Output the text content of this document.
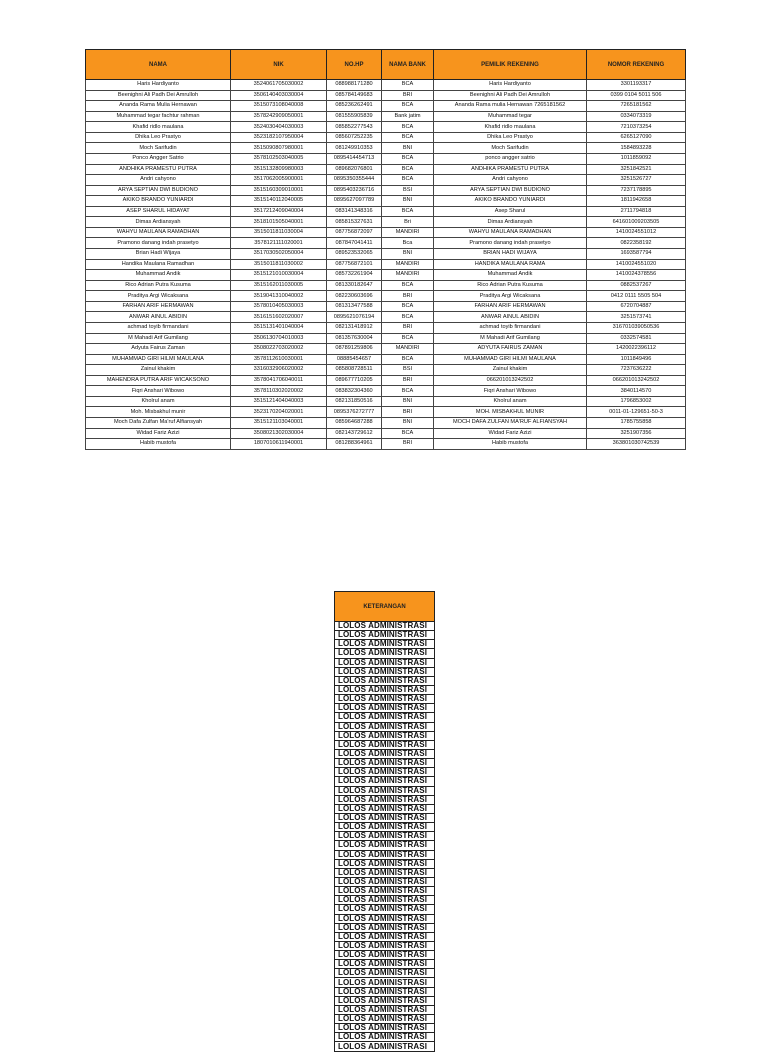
NAMA	NIK	NO.HP	NAMA BANK	PEMILIK REKENING	NOMOR REKENING
Haris Hardiyanto	3524061705030002	088988171280	BCA	Haris Hardiyanto	3301193317
Beenighni Ali Padh Dei Amrulloh	3506140403030004	085784149683	BRI	Beenighni Ali Padh Dei Amrulloh	0399 0104 5011 506
Ananda Rama Mulia Hernawan	3515073108040008	085236262491	BCA	Ananda Rama mulia Hernawan 7265181562	7265181562
Muhammad tegar fachtur rahman	3578242909050001	081555905839	Bank jatim	Muhammad tegar	0334073319
Khafid ridlo maulana	3524030404030003	085852277543	BCA	Khafid ridlo maulana	7210373254
Dhika Leo Prastyo	3523182107950004	085607252235	BCA	Dhika Leo Prastyo	6265127090
Moch Sarifudin	3515090807980001	081249910353	BNI	Moch Sarifudin	1584893228
Ponco Angger Satrio	3578102503040005	0895414454713	BCA	ponco angger satrio	1011859092
ANDHIKA PRAMESTU PUTRA	3515132809980003	089682076801	BCA	ANDHIKA PRAMESTU PUTRA	3251842521
Andri cahyono	3517062005900001	0895350355444	BCA	Andri cahyono	3251526727
ARYA SEPTIAN DWI BUDIONO	3515160309010001	0895403236716	BSI	ARYA SEPTIAN DWI BUDIONO	7237178895
AKIKO BRANDO YUNIARDI	3515140112040005	0895627097789	BNI	AKIKO BRANDO YUNIARDI	1811942658
ASEP SHARUL HIDAYAT	3517212409040004	083141348316	BCA	Asep Sharul	2711794818
Dimas Ardiansyah	3518101505040001	085815327631	Bri	Dimas Ardiansyah	641601009203505
WAHYU MAULANA RAMADHAN	3515011811030004	087756872097	MANDIRI	WAHYU MAULANA RAMADHAN	1410024551012
Pramono danang indah prasetyo	3578121111020001	087847041411	Bca	Pramono danang indah prasetyo	0822358192
Brian Hadi Wijaya	3517030502050004	089523532065	BNI	BRIAN HADI WIJAYA	1693587794
Handika Maulana Ramadhan	3515011811030002	087756872101	MANDIRI	HANDIKA MAULANA RAMA	1410024551020
Muhammad Andik	3515121010030004	085732261904	MANDIRI	Muhammad Andik	1410024378556
Rico Adrian Putra Kusuma	3515162011030005	081330182647	BCA	Rico Adrian Putra Kusuma	0882537267
Praditya Argi Wicaksana	3519041310040002	082230603696	BRI	Praditya Argi Wicaksana	0412 0111 5505 504
FARHAN ARIF HERMAWAN	3578010405030003	081313477588	BCA	FARHAN ARIF HERMAWAN	6720704887
ANWAR AINUL ABIDIN	3516151602020007	0895621076194	BCA	ANWAR AINUL ABIDIN	3251573741
achmad toyib firmandani	3515131401040004	082131418912	BRI	achmad toyib firmandani	316701039050536
M Mahadi Arif Gumilang	3506130704010003	081357630004	BCA	M Mahadi Arif Gumilang	0332574581
Adyuta Fairus Zaman	3508022703020002	087891259806	MANDIRI	ADYUTA FAIRUS ZAMAN	1420022396112
MUHAMMAD GIRI HILMI MAULANA	3578112610030001	08885454657	BCA	MUHAMMAD GIRI HILMI MAULANA	1011849496
Zainul khakim	3316032906020002	085808728511	BSI	Zainul khakim	7237636222
MAHENDRA PUTRA ARIF WICAKSONO	3578041706040011	089677710205	BRI	066201013242502	066201013242502
Fiqri Anshari Wibowo	3578110302020002	083832304360	BCA	Fiqri Anshari Wibowo	3840114570
Kholrul anam	3515121404040003	082131850516	BNI	Kholrul anam	1796853002
Moh. Misbakhul munir	3523170204020001	0895376272777	BRI	MOH. MISBAKHUL MUNIR	0011-01-129651-50-3
Moch Dafa Zulfan Ma'ruf Alfiansyah	3515121103040001	085964687288	BNI	MOCH DAFA ZULFAN MA'RUF ALFIANSYAH	1785755858
Widad Fariz Azizi	3508021302030004	082143729612	BCA	Widad Fariz Azizi	3251907356
Habib mustofa	1807010611940001	081288364961	BRI	Habib mustofa	363801030742539
KETERANGAN
LOLOS ADMINISTRASI
LOLOS ADMINISTRASI
LOLOS ADMINISTRASI
LOLOS ADMINISTRASI
LOLOS ADMINISTRASI
LOLOS ADMINISTRASI
LOLOS ADMINISTRASI
LOLOS ADMINISTRASI
LOLOS ADMINISTRASI
LOLOS ADMINISTRASI
LOLOS ADMINISTRASI
LOLOS ADMINISTRASI
LOLOS ADMINISTRASI
LOLOS ADMINISTRASI
LOLOS ADMINISTRASI
LOLOS ADMINISTRASI
LOLOS ADMINISTRASI
LOLOS ADMINISTRASI
LOLOS ADMINISTRASI
LOLOS ADMINISTRASI
LOLOS ADMINISTRASI
LOLOS ADMINISTRASI
LOLOS ADMINISTRASI
LOLOS ADMINISTRASI
LOLOS ADMINISTRASI
LOLOS ADMINISTRASI
LOLOS ADMINISTRASI
LOLOS ADMINISTRASI
LOLOS ADMINISTRASI
LOLOS ADMINISTRASI
LOLOS ADMINISTRASI
LOLOS ADMINISTRASI
LOLOS ADMINISTRASI
LOLOS ADMINISTRASI
LOLOS ADMINISTRASI
LOLOS ADMINISTRASI
LOLOS ADMINISTRASI
LOLOS ADMINISTRASI
LOLOS ADMINISTRASI
LOLOS ADMINISTRASI
LOLOS ADMINISTRASI
LOLOS ADMINISTRASI
LOLOS ADMINISTRASI
LOLOS ADMINISTRASI
LOLOS ADMINISTRASI
LOLOS ADMINISTRASI
LOLOS ADMINISTRASI
